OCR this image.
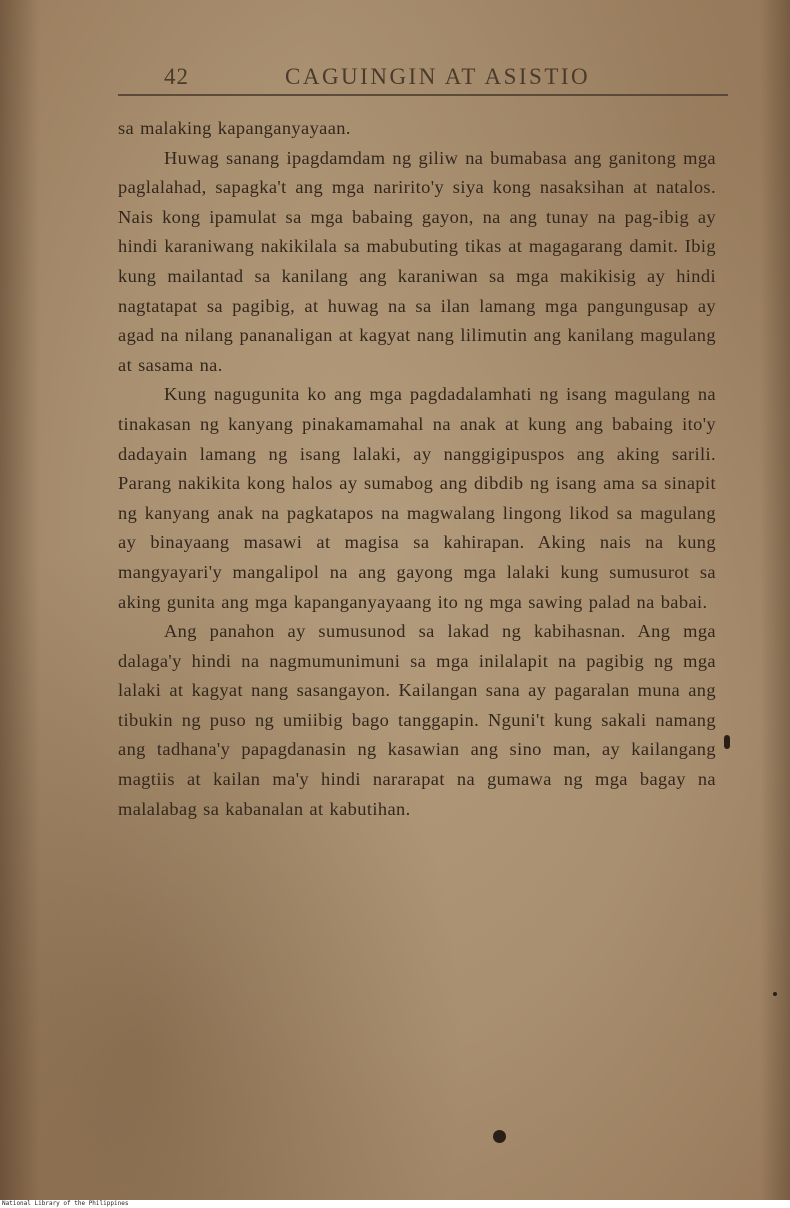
42	CAGUINGIN AT ASISTIO

sa malaking kapanganyayaan.

Huwag sanang ipagdamdam ng giliw na bumabasa ang ganitong mga paglalahad, sapagka't ang mga naririto'y siya kong nasaksihan at natalos. Nais kong ipamulat sa mga babaing gayon, na ang tunay na pag-ibig ay hindi karaniwang nakikilala sa mabubuting tikas at magagarang damit. Ibig kung mailantad sa kanilang ang karaniwan sa mga makikisig ay hindi nagtatapat sa pagibig, at huwag na sa ilan lamang mga pangungusap ay agad na nilang pananaligan at kagyat nang lilimutin ang kanilang magulang at sasama na.

Kung nagugunita ko ang mga pagdadalamhati ng isang magulang na tinakasan ng kanyang pinakamamahal na anak at kung ang babaing ito'y dadayain lamang ng isang lalaki, ay nanggigipuspos ang aking sarili. Parang nakikita kong halos ay sumabog ang dibdib ng isang ama sa sinapit ng kanyang anak na pagkatapos na magwalang lingong likod sa magulang ay binayaang masawi at magisa sa kahirapan. Aking nais na kung mangyayari'y mangalipol na ang gayong mga lalaki kung sumusurot sa aking gunita ang mga kapanganyayaang ito ng mga sawing palad na babai.

Ang panahon ay sumusunod sa lakad ng kabihasnan. Ang mga dalaga'y hindi na nagmumunimuni sa mga inilalapit na pagibig ng mga lalaki at kagyat nang sasangayon. Kailangan sana ay pagaralan muna ang tibukin ng puso ng umiibig bago tanggapin. Nguni't kung sakali namang ang tadhana'y papagdanasin ng kasawian ang sino man, ay kailangang magtiis at kailan ma'y hindi nararapat na gumawa ng mga bagay na malalabag sa kabanalan at kabutihan.

National Library of the Philippines
